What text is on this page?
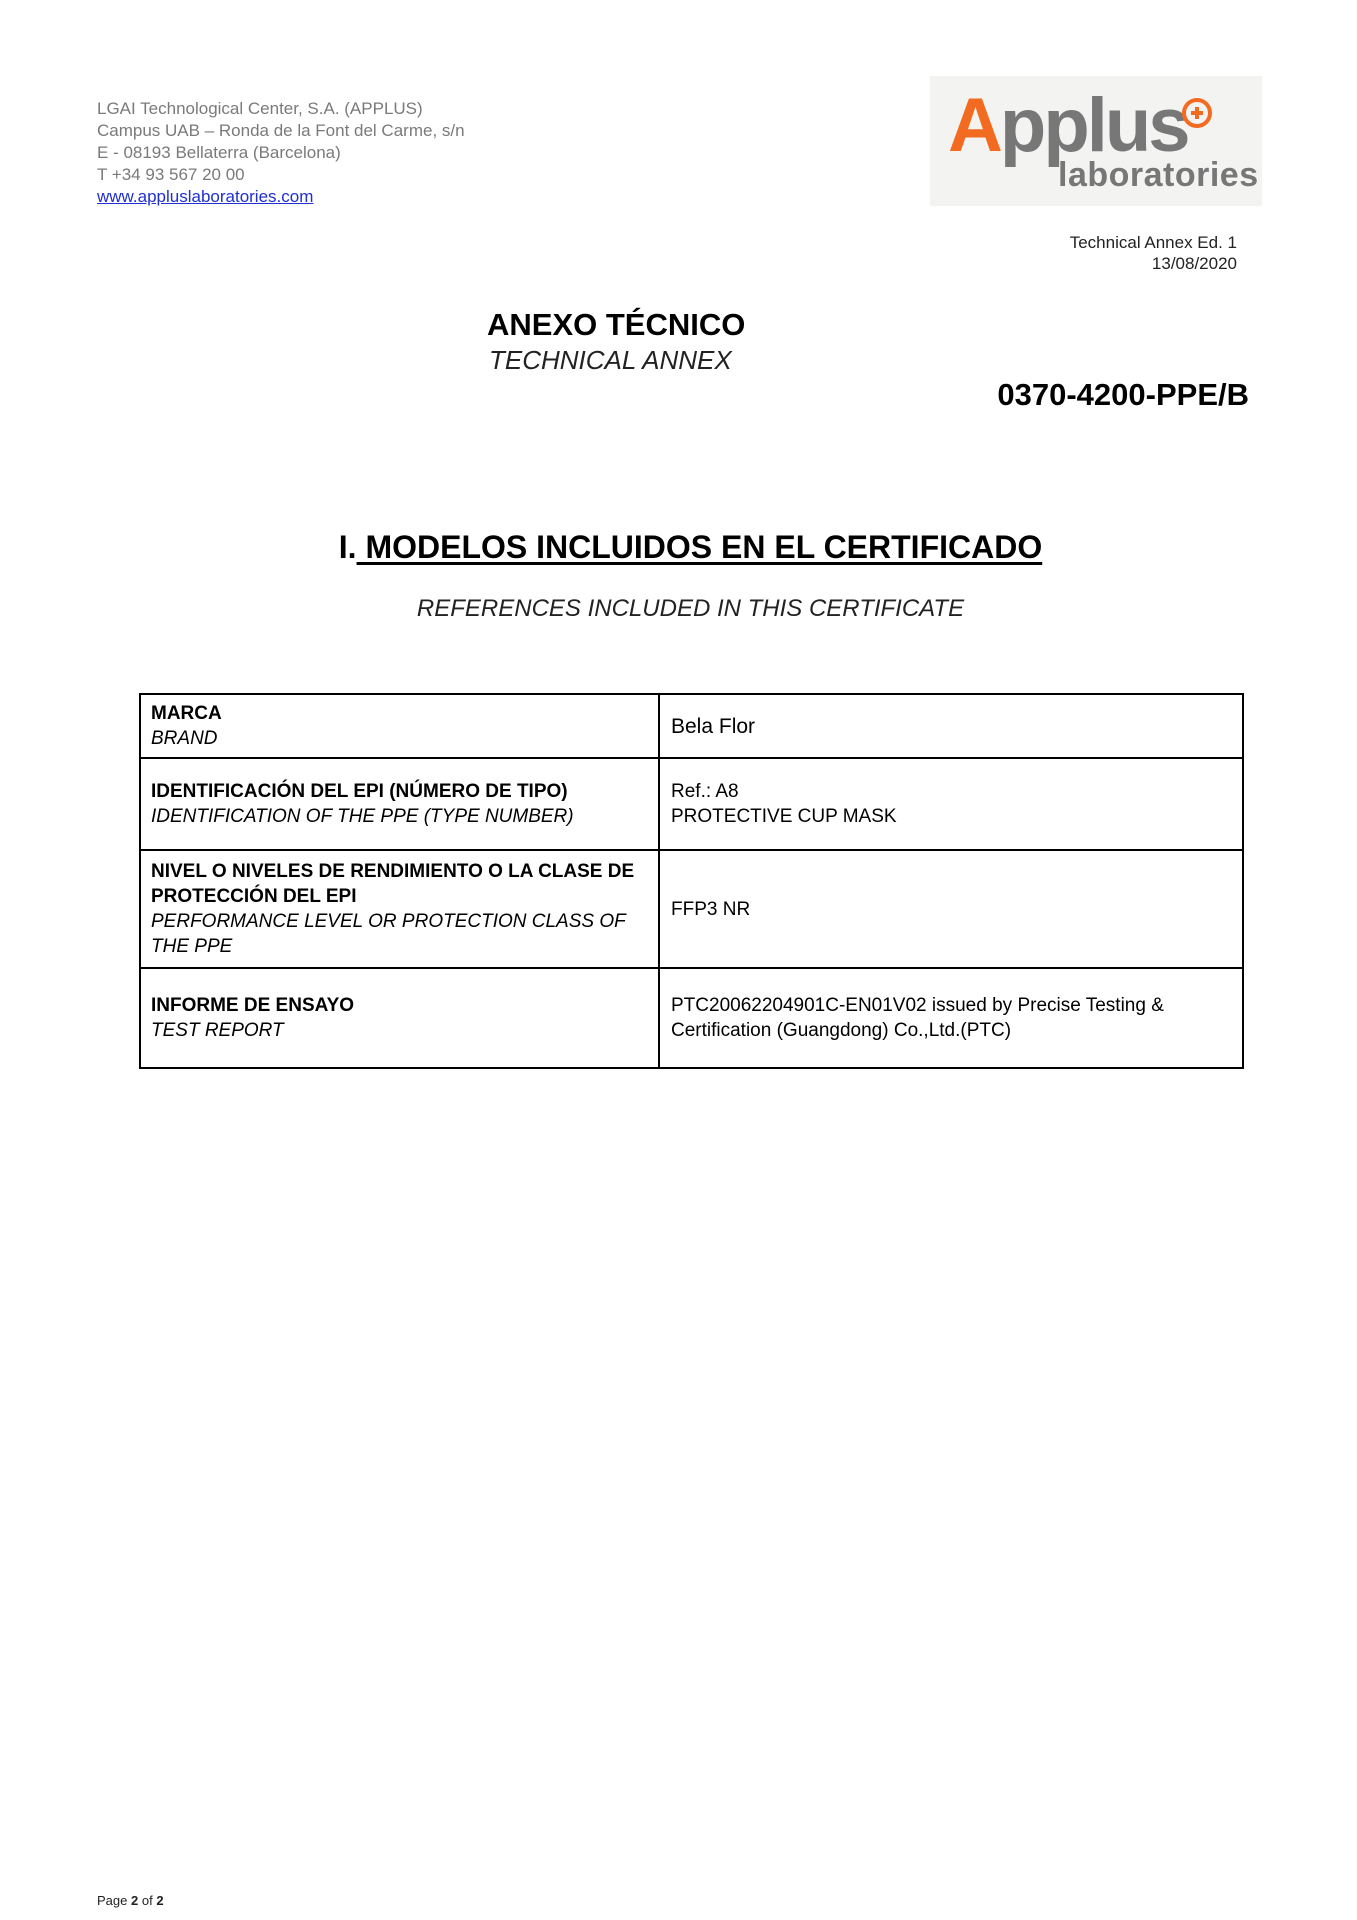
LGAI Technological Center, S.A. (APPLUS)
Campus UAB – Ronda de la Font del Carme, s/n
E - 08193 Bellaterra (Barcelona)
T +34 93 567 20 00
www.appluslaboratories.com
Applus
laboratories
Technical Annex Ed. 1
13/08/2020
ANEXO TÉCNICO
TECHNICAL ANNEX
0370-4200-PPE/B
I. MODELOS INCLUIDOS EN EL CERTIFICADO
REFERENCES INCLUDED IN THIS CERTIFICATE
MARCA
BRAND	Bela Flor

IDENTIFICACIÓN DEL EPI (NÚMERO DE TIPO)
IDENTIFICATION OF THE PPE (TYPE NUMBER)	Ref.: A8
PROTECTIVE CUP MASK

NIVEL O NIVELES DE RENDIMIENTO O LA CLASE DE PROTECCIÓN DEL EPI
PERFORMANCE LEVEL OR PROTECTION CLASS OF THE PPE	FFP3 NR

INFORME DE ENSAYO
TEST REPORT	PTC20062204901C-EN01V02 issued by Precise Testing & Certification (Guangdong) Co.,Ltd.(PTC)
Page 2 of 2
